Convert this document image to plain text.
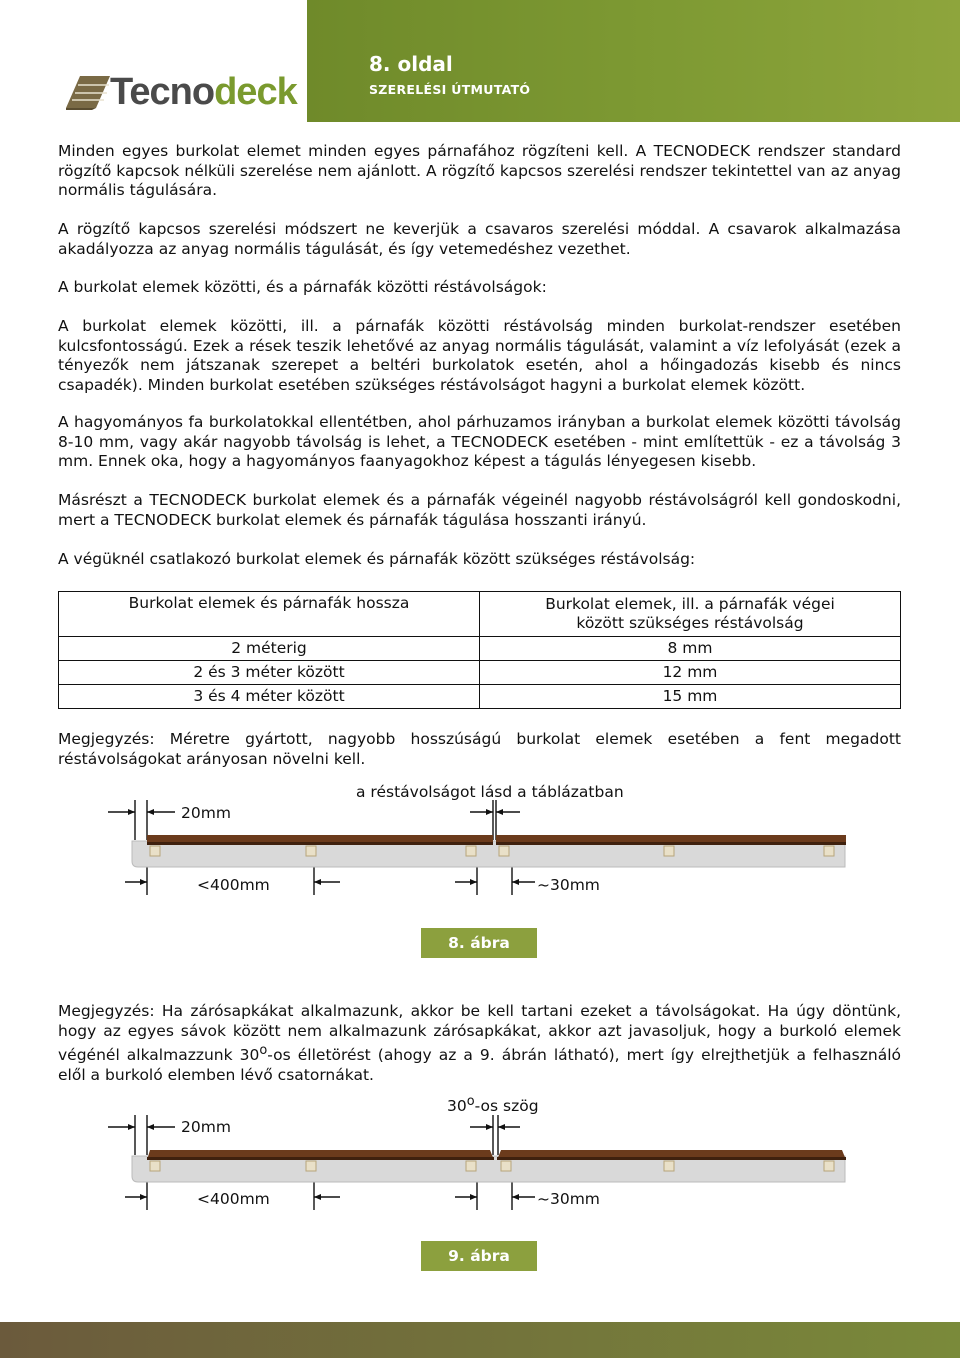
Tecnodeck
8. oldal
SZERELÉSI ÚTMUTATÓ

Minden egyes burkolat elemet minden egyes párnafához rögzíteni kell. A TECNODECK rendszer standard rögzítő kapcsok nélküli szerelése nem ajánlott. A rögzítő kapcsos szerelési rendszer tekintettel van az anyag normális tágulására.

A rögzítő kapcsos szerelési módszert ne keverjük a csavaros szerelési móddal. A csavarok alkalmazása akadályozza az anyag normális tágulását, és így vetemedéshez vezethet.

A burkolat elemek közötti, és a párnafák közötti réstávolságok:

A burkolat elemek közötti, ill. a párnafák közötti réstávolság minden burkolat-rendszer esetében kulcsfontosságú. Ezek a rések teszik lehetővé az anyag normális tágulását, valamint a víz lefolyását (ezek a tényezők nem játszanak szerepet a beltéri burkolatok esetén, ahol a hőingadozás kisebb és nincs csapadék). Minden burkolat esetében szükséges réstávolságot hagyni a burkolat elemek között.

A hagyományos fa burkolatokkal ellentétben, ahol párhuzamos irányban a burkolat elemek közötti távolság 8-10 mm, vagy akár nagyobb távolság is lehet, a TECNODECK esetében - mint említettük - ez a távolság 3 mm. Ennek oka, hogy a hagyományos faanyagokhoz képest a tágulás lényegesen kisebb.

Másrészt a TECNODECK burkolat elemek és a párnafák végeinél nagyobb réstávolságról kell gondoskodni, mert a TECNODECK burkolat elemek és párnafák tágulása hosszanti irányú.

A végüknél csatlakozó burkolat elemek és párnafák között szükséges réstávolság:

Burkolat elemek és párnafák hossza	Burkolat elemek, ill. a párnafák végei
között szükséges réstávolság
2 méterig	8 mm
2 és 3 méter között	12 mm
3 és 4 méter között	15 mm

Megjegyzés: Méretre gyártott, nagyobb hosszúságú burkolat elemek esetében a fent megadott réstávolságokat arányosan növelni kell.

a réstávolságot lásd a táblázatban
20mm
<400mm	~30mm
8. ábra

Megjegyzés: Ha zárósapkákat alkalmazunk, akkor be kell tartani ezeket a távolságokat. Ha úgy döntünk, hogy az egyes sávok között nem alkalmazunk zárósapkákat, akkor azt javasoljuk, hogy a burkoló elemek végénél alkalmazzunk 30$^o$-os élletörést (ahogy az a 9. ábrán látható), mert így elrejthetjük a felhasználó elől a burkoló elemben lévő csatornákat.

30$^o$-os szög
20mm
<400mm	~30mm
9. ábra
